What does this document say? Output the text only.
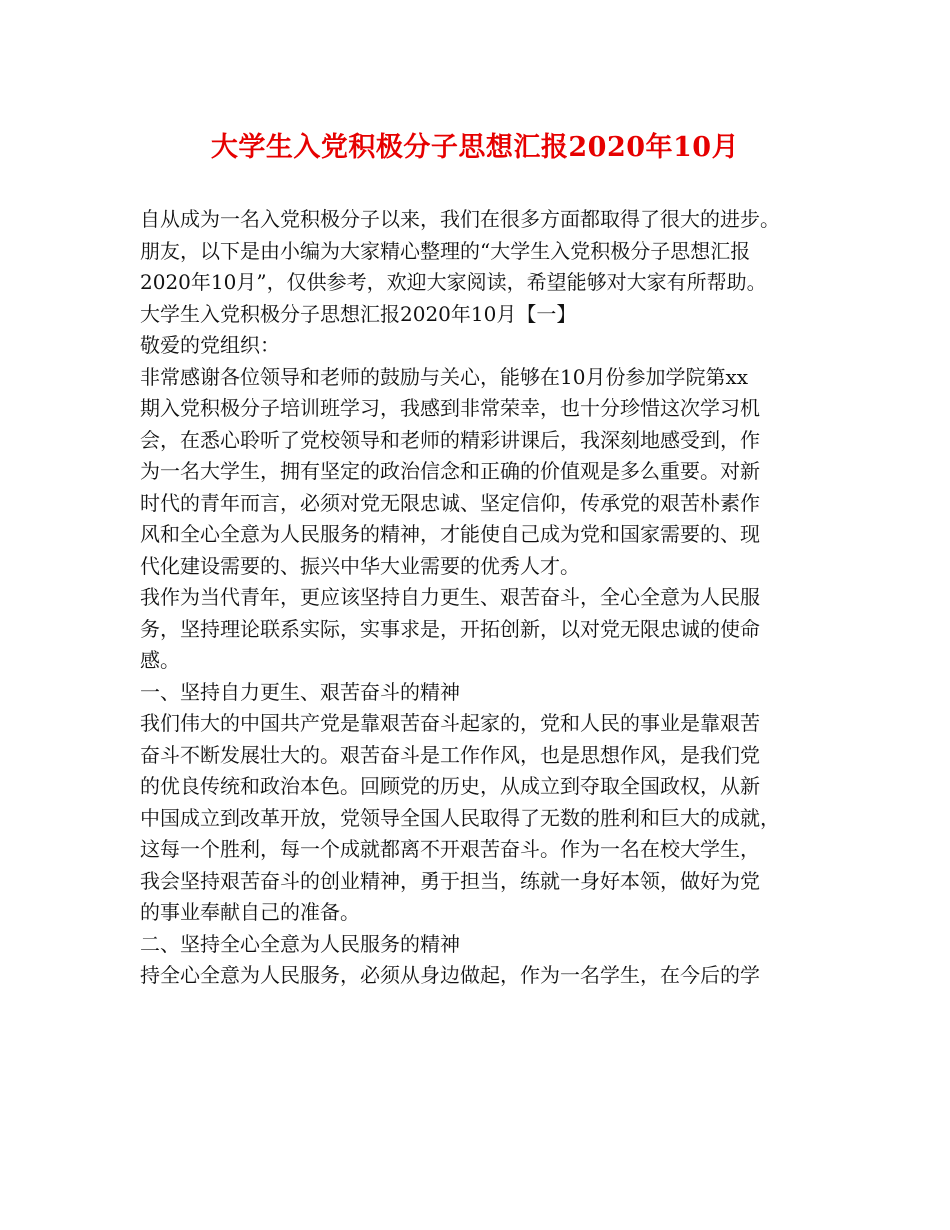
大学生入党积极分子思想汇报2020年10月
自从成为一名入党积极分子以来，我们在很多方面都取得了很大的进步。
朋友，以下是由小编为大家精心整理的“大学生入党积极分子思想汇报
2020年10月”，仅供参考，欢迎大家阅读，希望能够对大家有所帮助。
大学生入党积极分子思想汇报2020年10月【一】
敬爱的党组织：
非常感谢各位领导和老师的鼓励与关心，能够在10月份参加学院第xx
期入党积极分子培训班学习，我感到非常荣幸，也十分珍惜这次学习机
会，在悉心聆听了党校领导和老师的精彩讲课后，我深刻地感受到，作
为一名大学生，拥有坚定的政治信念和正确的价值观是多么重要。对新
时代的青年而言，必须对党无限忠诚、坚定信仰，传承党的艰苦朴素作
风和全心全意为人民服务的精神，才能使自己成为党和国家需要的、现
代化建设需要的、振兴中华大业需要的优秀人才。
我作为当代青年，更应该坚持自力更生、艰苦奋斗，全心全意为人民服
务，坚持理论联系实际，实事求是，开拓创新，以对党无限忠诚的使命
感。
一、坚持自力更生、艰苦奋斗的精神
我们伟大的中国共产党是靠艰苦奋斗起家的，党和人民的事业是靠艰苦
奋斗不断发展壮大的。艰苦奋斗是工作作风，也是思想作风，是我们党
的优良传统和政治本色。回顾党的历史，从成立到夺取全国政权，从新
中国成立到改革开放，党领导全国人民取得了无数的胜利和巨大的成就，
这每一个胜利，每一个成就都离不开艰苦奋斗。作为一名在校大学生，
我会坚持艰苦奋斗的创业精神，勇于担当，练就一身好本领，做好为党
的事业奉献自己的准备。
二、坚持全心全意为人民服务的精神
持全心全意为人民服务，必须从身边做起，作为一名学生，在今后的学
